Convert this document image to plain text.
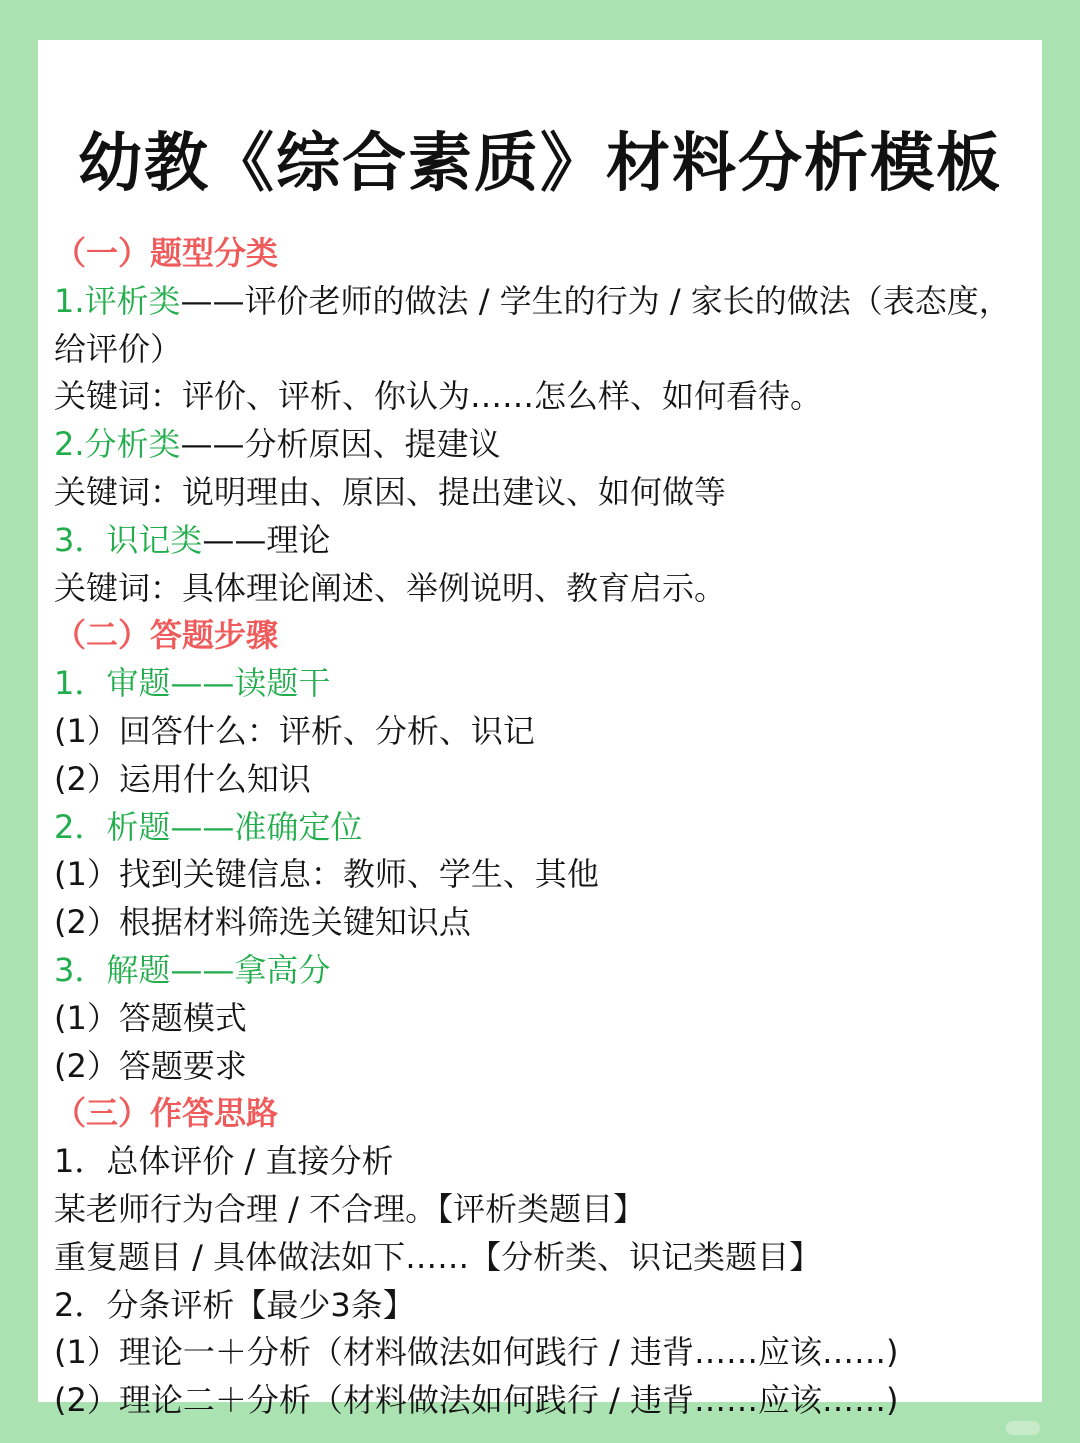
幼教《综合素质》材料分析模板
（一）题型分类
1.评析类——评价老师的做法 / 学生的行为 / 家长的做法（表态度，给评价）
关键词：评价、评析、你认为……怎么样、如何看待。
2.分析类——分析原因、提建议
关键词：说明理由、原因、提出建议、如何做等
3．识记类——理论
关键词：具体理论阐述、举例说明、教育启示。
（二）答题步骤
1．审题——读题干
(1）回答什么：评析、分析、识记
(2）运用什么知识
2．析题——准确定位
(1）找到关键信息：教师、学生、其他
(2）根据材料筛选关键知识点
3．解题——拿高分
(1）答题模式
(2）答题要求
（三）作答思路
1．总体评价 / 直接分析
某老师行为合理 / 不合理。【评析类题目】
重复题目 / 具体做法如下……【分析类、识记类题目】
2．分条评析【最少3条】
(1）理论一＋分析（材料做法如何践行 / 违背……应该……)
(2）理论二＋分析（材料做法如何践行 / 违背……应该……)
